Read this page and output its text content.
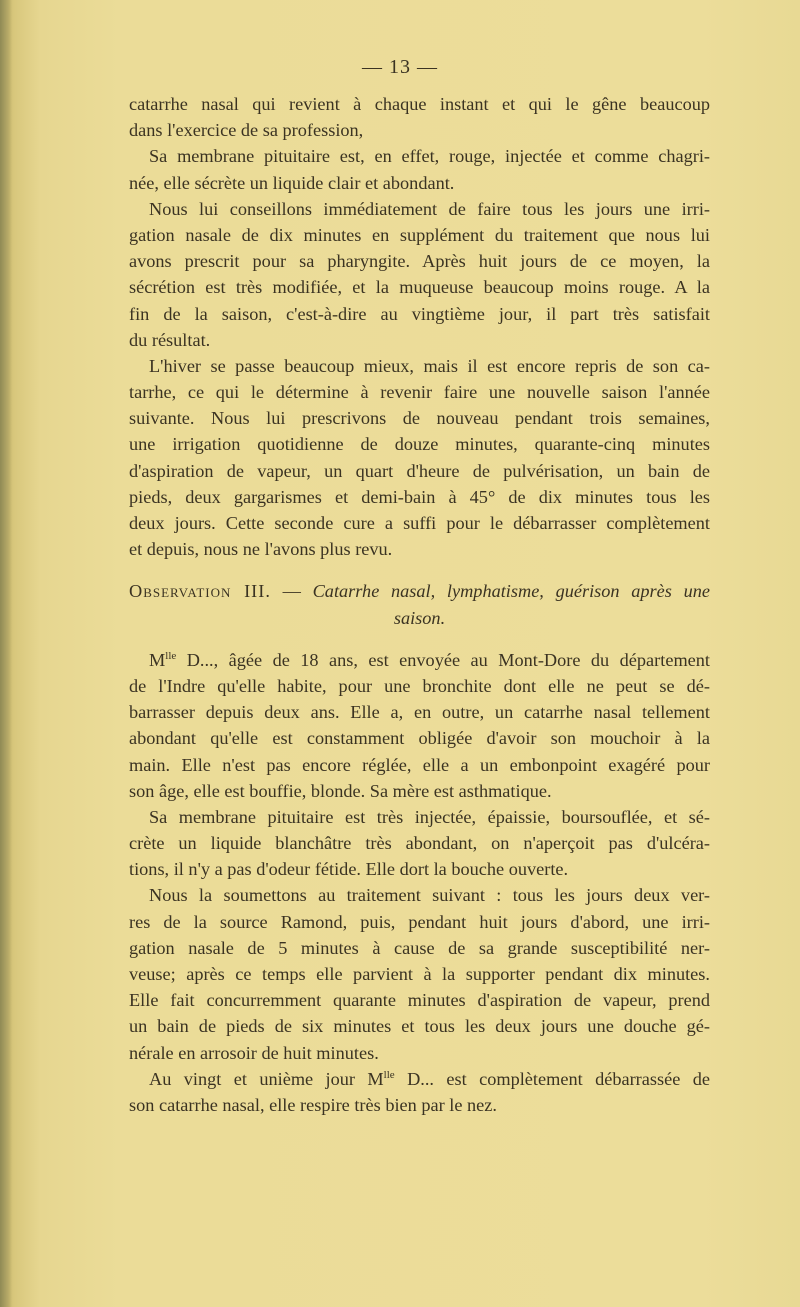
— 13 —
catarrhe nasal qui revient à chaque instant et qui le gêne beaucoup
dans l'exercice de sa profession,
Sa membrane pituitaire est, en effet, rouge, injectée et comme chagri-
née, elle sécrète un liquide clair et abondant.
Nous lui conseillons immédiatement de faire tous les jours une irri-
gation nasale de dix minutes en supplément du traitement que nous lui
avons prescrit pour sa pharyngite. Après huit jours de ce moyen, la
sécrétion est très modifiée, et la muqueuse beaucoup moins rouge. A la
fin de la saison, c'est-à-dire au vingtième jour, il part très satisfait
du résultat.
L'hiver se passe beaucoup mieux, mais il est encore repris de son ca-
tarrhe, ce qui le détermine à revenir faire une nouvelle saison l'année
suivante. Nous lui prescrivons de nouveau pendant trois semaines,
une irrigation quotidienne de douze minutes, quarante-cinq minutes
d'aspiration de vapeur, un quart d'heure de pulvérisation, un bain de
pieds, deux gargarismes et demi-bain à 45° de dix minutes tous les
deux jours. Cette seconde cure a suffi pour le débarrasser complètement
et depuis, nous ne l'avons plus revu.
Observation III. — Catarrhe nasal, lymphatisme, guérison après une
saison.
$M^{lle}$ D..., âgée de 18 ans, est envoyée au Mont-Dore du département
de l'Indre qu'elle habite, pour une bronchite dont elle ne peut se dé-
barrasser depuis deux ans. Elle a, en outre, un catarrhe nasal tellement
abondant qu'elle est constamment obligée d'avoir son mouchoir à la
main. Elle n'est pas encore réglée, elle a un embonpoint exagéré pour
son âge, elle est bouffie, blonde. Sa mère est asthmatique.
Sa membrane pituitaire est très injectée, épaissie, boursouflée, et sé-
crète un liquide blanchâtre très abondant, on n'aperçoit pas d'ulcéra-
tions, il n'y a pas d'odeur fétide. Elle dort la bouche ouverte.
Nous la soumettons au traitement suivant : tous les jours deux ver-
res de la source Ramond, puis, pendant huit jours d'abord, une irri-
gation nasale de 5 minutes à cause de sa grande susceptibilité ner-
veuse; après ce temps elle parvient à la supporter pendant dix minutes.
Elle fait concurremment quarante minutes d'aspiration de vapeur, prend
un bain de pieds de six minutes et tous les deux jours une douche gé-
nérale en arrosoir de huit minutes.
Au vingt et unième jour $M^{lle}$ D... est complètement débarrassée de
son catarrhe nasal, elle respire très bien par le nez.
